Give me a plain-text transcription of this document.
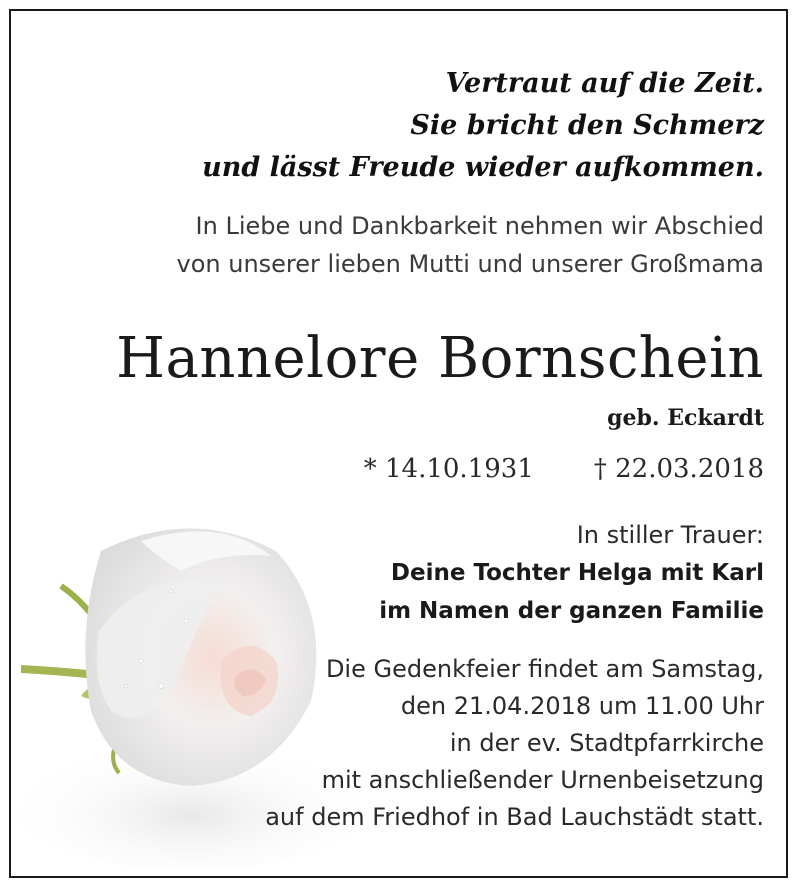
Vertraut auf die Zeit.
Sie bricht den Schmerz
und lässt Freude wieder aufkommen.
In Liebe und Dankbarkeit nehmen wir Abschied
von unserer lieben Mutti und unserer Großmama
Hannelore Bornschein
geb. Eckardt
* 14.10.1931 † 22.03.2018
In stiller Trauer:
Deine Tochter Helga mit Karl
im Namen der ganzen Familie
Die Gedenkfeier findet am Samstag,
den 21.04.2018 um 11.00 Uhr
in der ev. Stadtpfarrkirche
mit anschließender Urnenbeisetzung
auf dem Friedhof in Bad Lauchstädt statt.
